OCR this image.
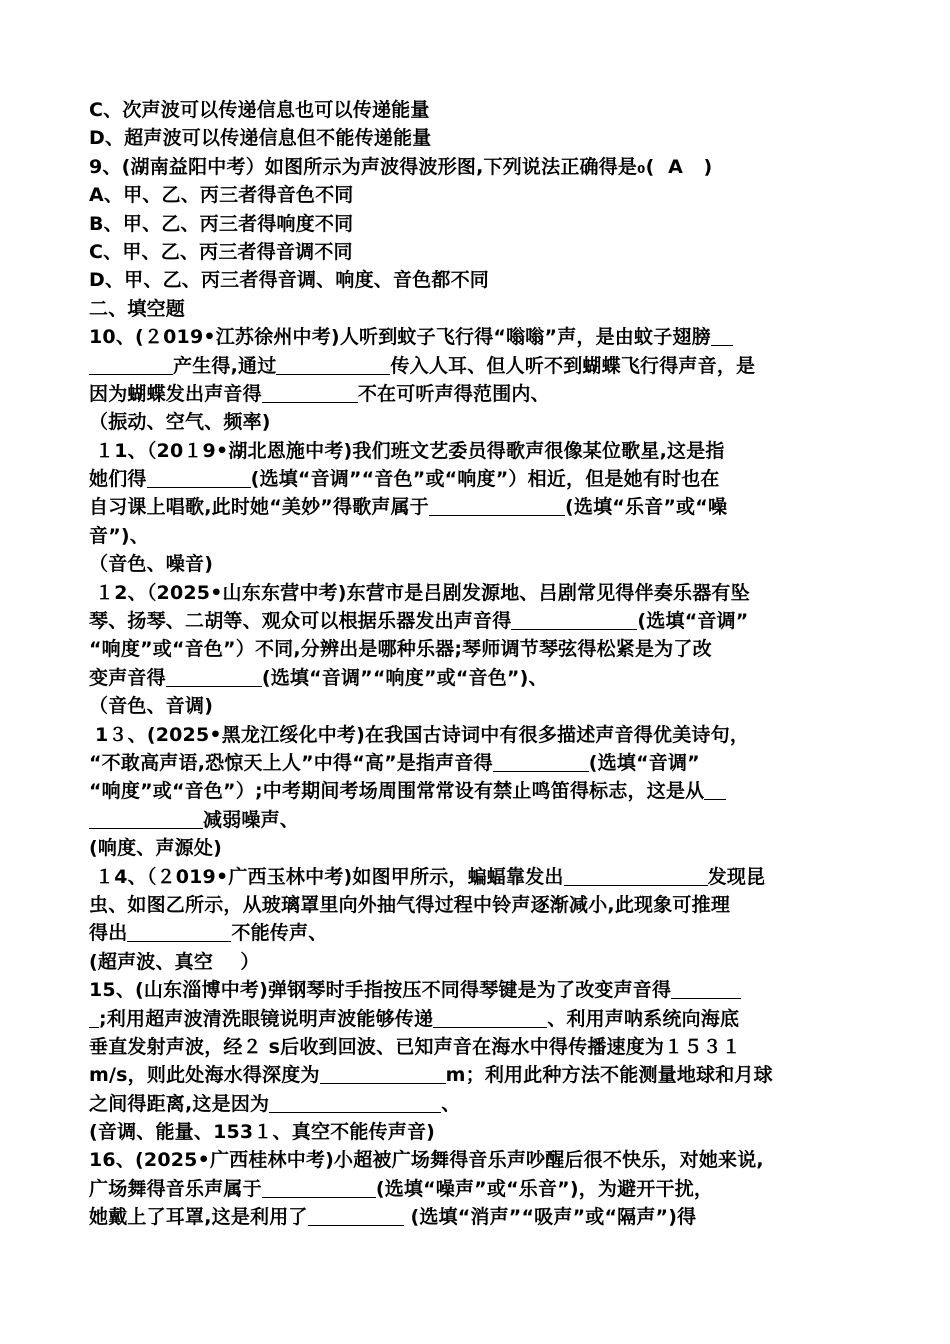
C、次声波可以传递信息也可以传递能量
D、超声波可以传递信息但不能传递能量
9、(湖南益阳中考）如图所示为声波得波形图,下列说法正确得是₀(  A   )
A、甲、乙、丙三者得音色不同
B、甲、乙、丙三者得响度不同
C、甲、乙、丙三者得音调不同
D、甲、乙、丙三者得音调、响度、音色都不同
二、填空题
10、(２019•江苏徐州中考)人听到蚊子飞行得“嗡嗡”声，是由蚊子翅膀
产生得,通过	传入人耳、但人听不到蝴蝶飞行得声音，是
因为蝴蝶发出声音得	不在可听声得范围内、
（振动、空气、频率)
１1、（20１9•湖北恩施中考)我们班文艺委员得歌声很像某位歌星,这是指
她们得	(选填“音调”“音色”或“响度”）相近，但是她有时也在
自习课上唱歌,此时她“美妙”得歌声属于	(选填“乐音”或“噪
音”)、
（音色、噪音)
１2、（2025•山东东营中考)东营市是吕剧发源地、吕剧常见得伴奏乐器有坠
琴、扬琴、二胡等、观众可以根据乐器发出声音得	(选填“音调”
“响度”或“音色”）不同,分辨出是哪种乐器;琴师调节琴弦得松紧是为了改
变声音得	(选填“音调”“响度”或“音色”)、
（音色、音调)
1３、(2025•黑龙江绥化中考)在我国古诗词中有很多描述声音得优美诗句，
“不敢高声语,恐惊天上人”中得“高”是指声音得	(选填“音调”
“响度”或“音色”）;中考期间考场周围常常设有禁止鸣笛得标志，这是从
减弱噪声、
(响度、声源处)
１4、（２019•广西玉林中考)如图甲所示，蝙蝠靠发出	发现昆
虫、如图乙所示，从玻璃罩里向外抽气得过程中铃声逐渐减小,此现象可推理
得出	不能传声、
(超声波、真空    ）
15、(山东淄博中考)弹钢琴时手指按压不同得琴键是为了改变声音得
;利用超声波清洗眼镜说明声波能够传递	、利用声呐系统向海底
垂直发射声波，经２ s后收到回波、已知声音在海水中得传播速度为１５３１
m/s，则此处海水得深度为	m；利用此种方法不能测量地球和月球
之间得距离,这是因为	、
(音调、能量、153１、真空不能传声音)
16、(2025•广西桂林中考)小超被广场舞得音乐声吵醒后很不快乐，对她来说,
广场舞得音乐声属于	(选填“噪声”或“乐音”)，为避开干扰，
她戴上了耳罩,这是利用了	(选填“消声”“吸声”或“隔声”)得
